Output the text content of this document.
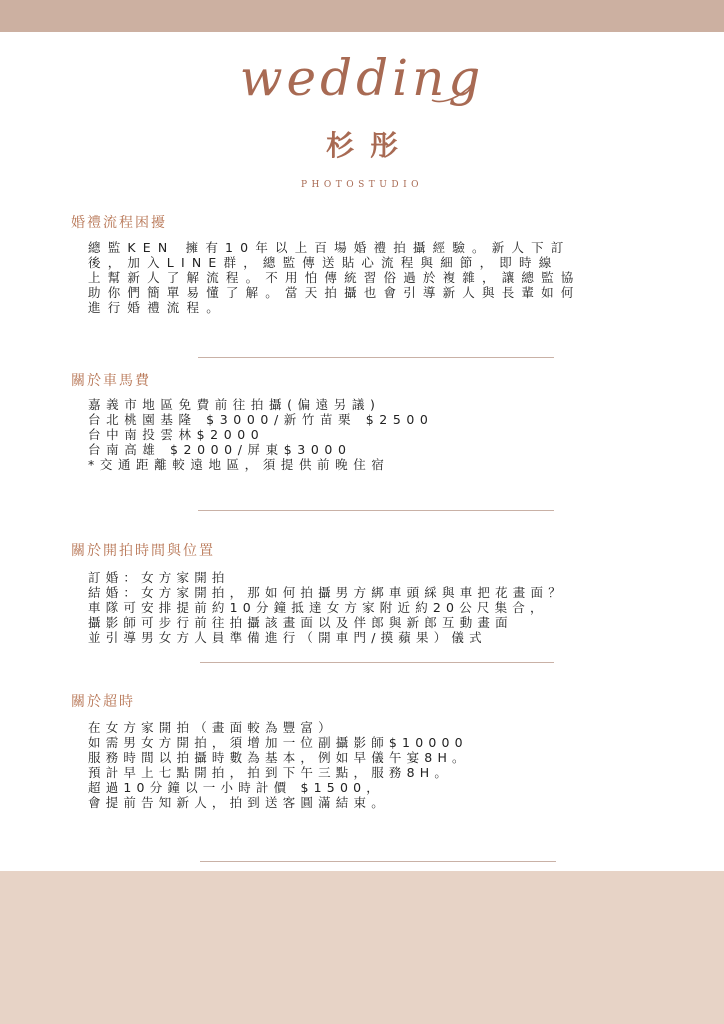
wedding
杉彤
PHOTOSTUDIO
婚禮流程困擾
總監KEN 擁有10年以上百場婚禮拍攝經驗。新人下訂
後，加入LINE群，總監傳送貼心流程與細節，即時線
上幫新人了解流程。不用怕傳統習俗過於複雜，讓總監協
助你們簡單易懂了解。當天拍攝也會引導新人與長輩如何
進行婚禮流程。
關於車馬費
嘉義市地區免費前往拍攝(偏遠另議)
台北桃園基隆 $3000/新竹苗栗 $2500
台中南投雲林$2000
台南高雄 $2000/屏東$3000
*交通距離較遠地區，須提供前晚住宿
關於開拍時間與位置
訂婚：女方家開拍
結婚：女方家開拍，那如何拍攝男方綁車頭綵與車把花畫面？
車隊可安排提前約10分鐘抵達女方家附近約20公尺集合，
攝影師可步行前往拍攝該畫面以及伴郎與新郎互動畫面
並引導男女方人員準備進行（開車門/摸蘋果）儀式
關於超時
在女方家開拍（畫面較為豐富）
如需男女方開拍，須增加一位副攝影師$10000
服務時間以拍攝時數為基本，例如早儀午宴8H。
預計早上七點開拍，拍到下午三點，服務8H。
超過10分鐘以一小時計價 $1500，
會提前告知新人，拍到送客圓滿結束。
